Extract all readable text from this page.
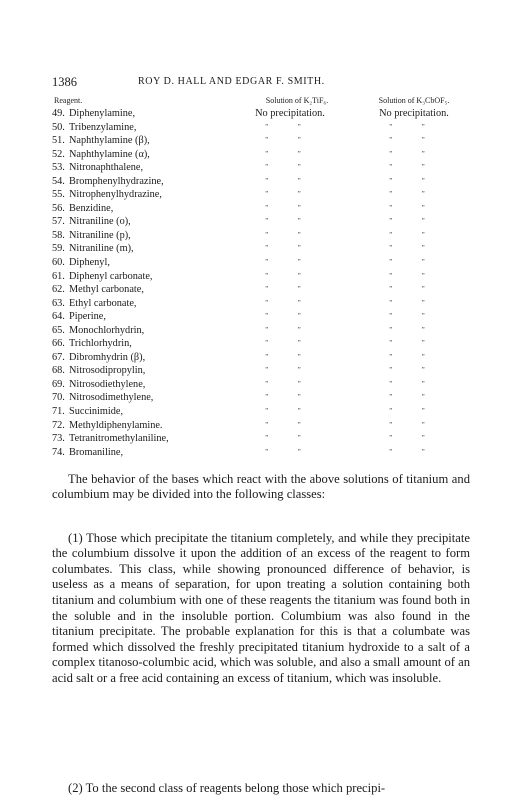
1386	ROY D. HALL AND EDGAR F. SMITH.
Reagent.	Solution of K₂TiF₆.	Solution of K₃CbOF₅.
49. Diphenylamine,	No precipitation.	No precipitation.
50. Tribenzylamine,	" "	" "
51. Naphthylamine (β),	" "	" "
52. Naphthylamine (α),	" "	" "
53. Nitronaphthalene,	" "	" "
54. Bromphenylhydrazine,	" "	" "
55. Nitrophenylhydrazine,	" "	" "
56. Benzidine,	" "	" "
57. Nitraniline (o),	" "	" "
58. Nitraniline (p),	" "	" "
59. Nitraniline (m),	" "	" "
60. Diphenyl,	" "	" "
61. Diphenyl carbonate,	" "	" "
62. Methyl carbonate,	" "	" "
63. Ethyl carbonate,	" "	" "
64. Piperine,	" "	" "
65. Monochlorhydrin,	" "	" "
66. Trichlorhydrin,	" "	" "
67. Dibromhydrin (β),	" "	" "
68. Nitrosodipropylin,	" "	" "
69. Nitrosodiethylene,	" "	" "
70. Nitrosodimethylene,	" "	" "
71. Succinimide,	" "	" "
72. Methyldiphenylamine.	" "	" "
73. Tetranitromethylaniline,	" "	" "
74. Bromaniline,	" "	" "

The behavior of the bases which react with the above solutions of titanium and columbium may be divided into the following classes:

(1) Those which precipitate the titanium completely, and while they precipitate the columbium dissolve it upon the addition of an excess of the reagent to form columbates. This class, while showing pronounced difference of behavior, is useless as a means of separation, for upon treating a solution containing both titanium and columbium with one of these reagents the titanium was found both in the soluble and in the insoluble portion. Columbium was also found in the titanium precipitate. The probable explanation for this is that a columbate was formed which dissolved the freshly precipitated titanium hydroxide to a salt of a complex titanoso-columbic acid, which was soluble, and also a small amount of an acid salt or a free acid containing an excess of titanium, which was insoluble.

(2) To the second class of reagents belong those which precipi-
